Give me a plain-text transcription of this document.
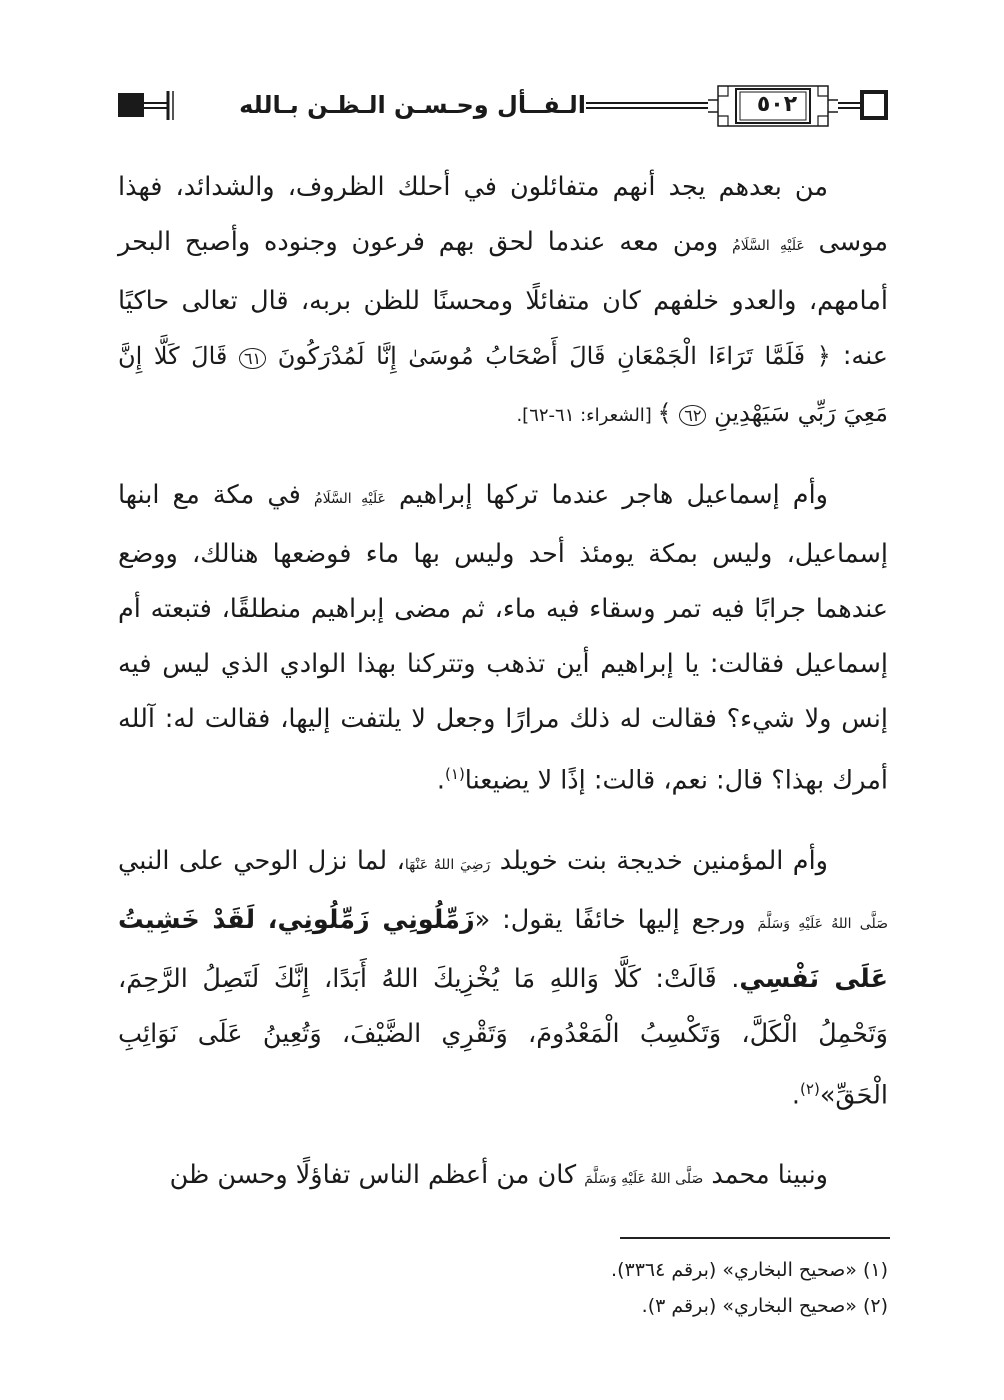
الـفــأل وحـسـن الـظـن بـالله	٥٠٢

من بعدهم يجد أنهم متفائلون في أحلك الظروف، والشدائد، فهذا موسى عَلَيْهِ السَّلَامُ ومن معه عندما لحق بهم فرعون وجنوده وأصبح البحر أمامهم، والعدو خلفهم كان متفائلًا ومحسنًا للظن بربه، قال تعالى حاكيًا عنه: ﴿ فَلَمَّا تَرَاءَا الْجَمْعَانِ قَالَ أَصْحَابُ مُوسَىٰ إِنَّا لَمُدْرَكُونَ ٦١ قَالَ كَلَّا إِنَّ مَعِيَ رَبِّي سَيَهْدِينِ ٦٢ ﴾ [الشعراء: ٦١-٦٢].

وأم إسماعيل هاجر عندما تركها إبراهيم عَلَيْهِ السَّلَامُ في مكة مع ابنها إسماعيل، وليس بمكة يومئذ أحد وليس بها ماء فوضعها هنالك، ووضع عندهما جرابًا فيه تمر وسقاء فيه ماء، ثم مضى إبراهيم منطلقًا، فتبعته أم إسماعيل فقالت: يا إبراهيم أين تذهب وتتركنا بهذا الوادي الذي ليس فيه إنس ولا شيء؟ فقالت له ذلك مرارًا وجعل لا يلتفت إليها، فقالت له: آلله أمرك بهذا؟ قال: نعم، قالت: إذًا لا يضيعنا$^{(١)}$.

وأم المؤمنين خديجة بنت خويلد رَضِيَ اللهُ عَنْهَا، لما نزل الوحي على النبي صَلَّى اللهُ عَلَيْهِ وَسَلَّمَ ورجع إليها خائفًا يقول: «زَمِّلُونِي زَمِّلُونِي، لَقَدْ خَشِيتُ عَلَى نَفْسِي. قَالَتْ: كَلَّا وَاللهِ مَا يُخْزِيكَ اللهُ أَبَدًا، إِنَّكَ لَتَصِلُ الرَّحِمَ، وَتَحْمِلُ الْكَلَّ، وَتَكْسِبُ الْمَعْدُومَ، وَتَقْرِي الضَّيْفَ، وَتُعِينُ عَلَى نَوَائِبِ الْحَقِّ»$^{(٢)}$.

ونبينا محمد صَلَّى اللهُ عَلَيْهِ وَسَلَّمَ كان من أعظم الناس تفاؤلًا وحسن ظن

(١) «صحيح البخاري» (برقم ٣٣٦٤).

(٢) «صحيح البخاري» (برقم ٣).
